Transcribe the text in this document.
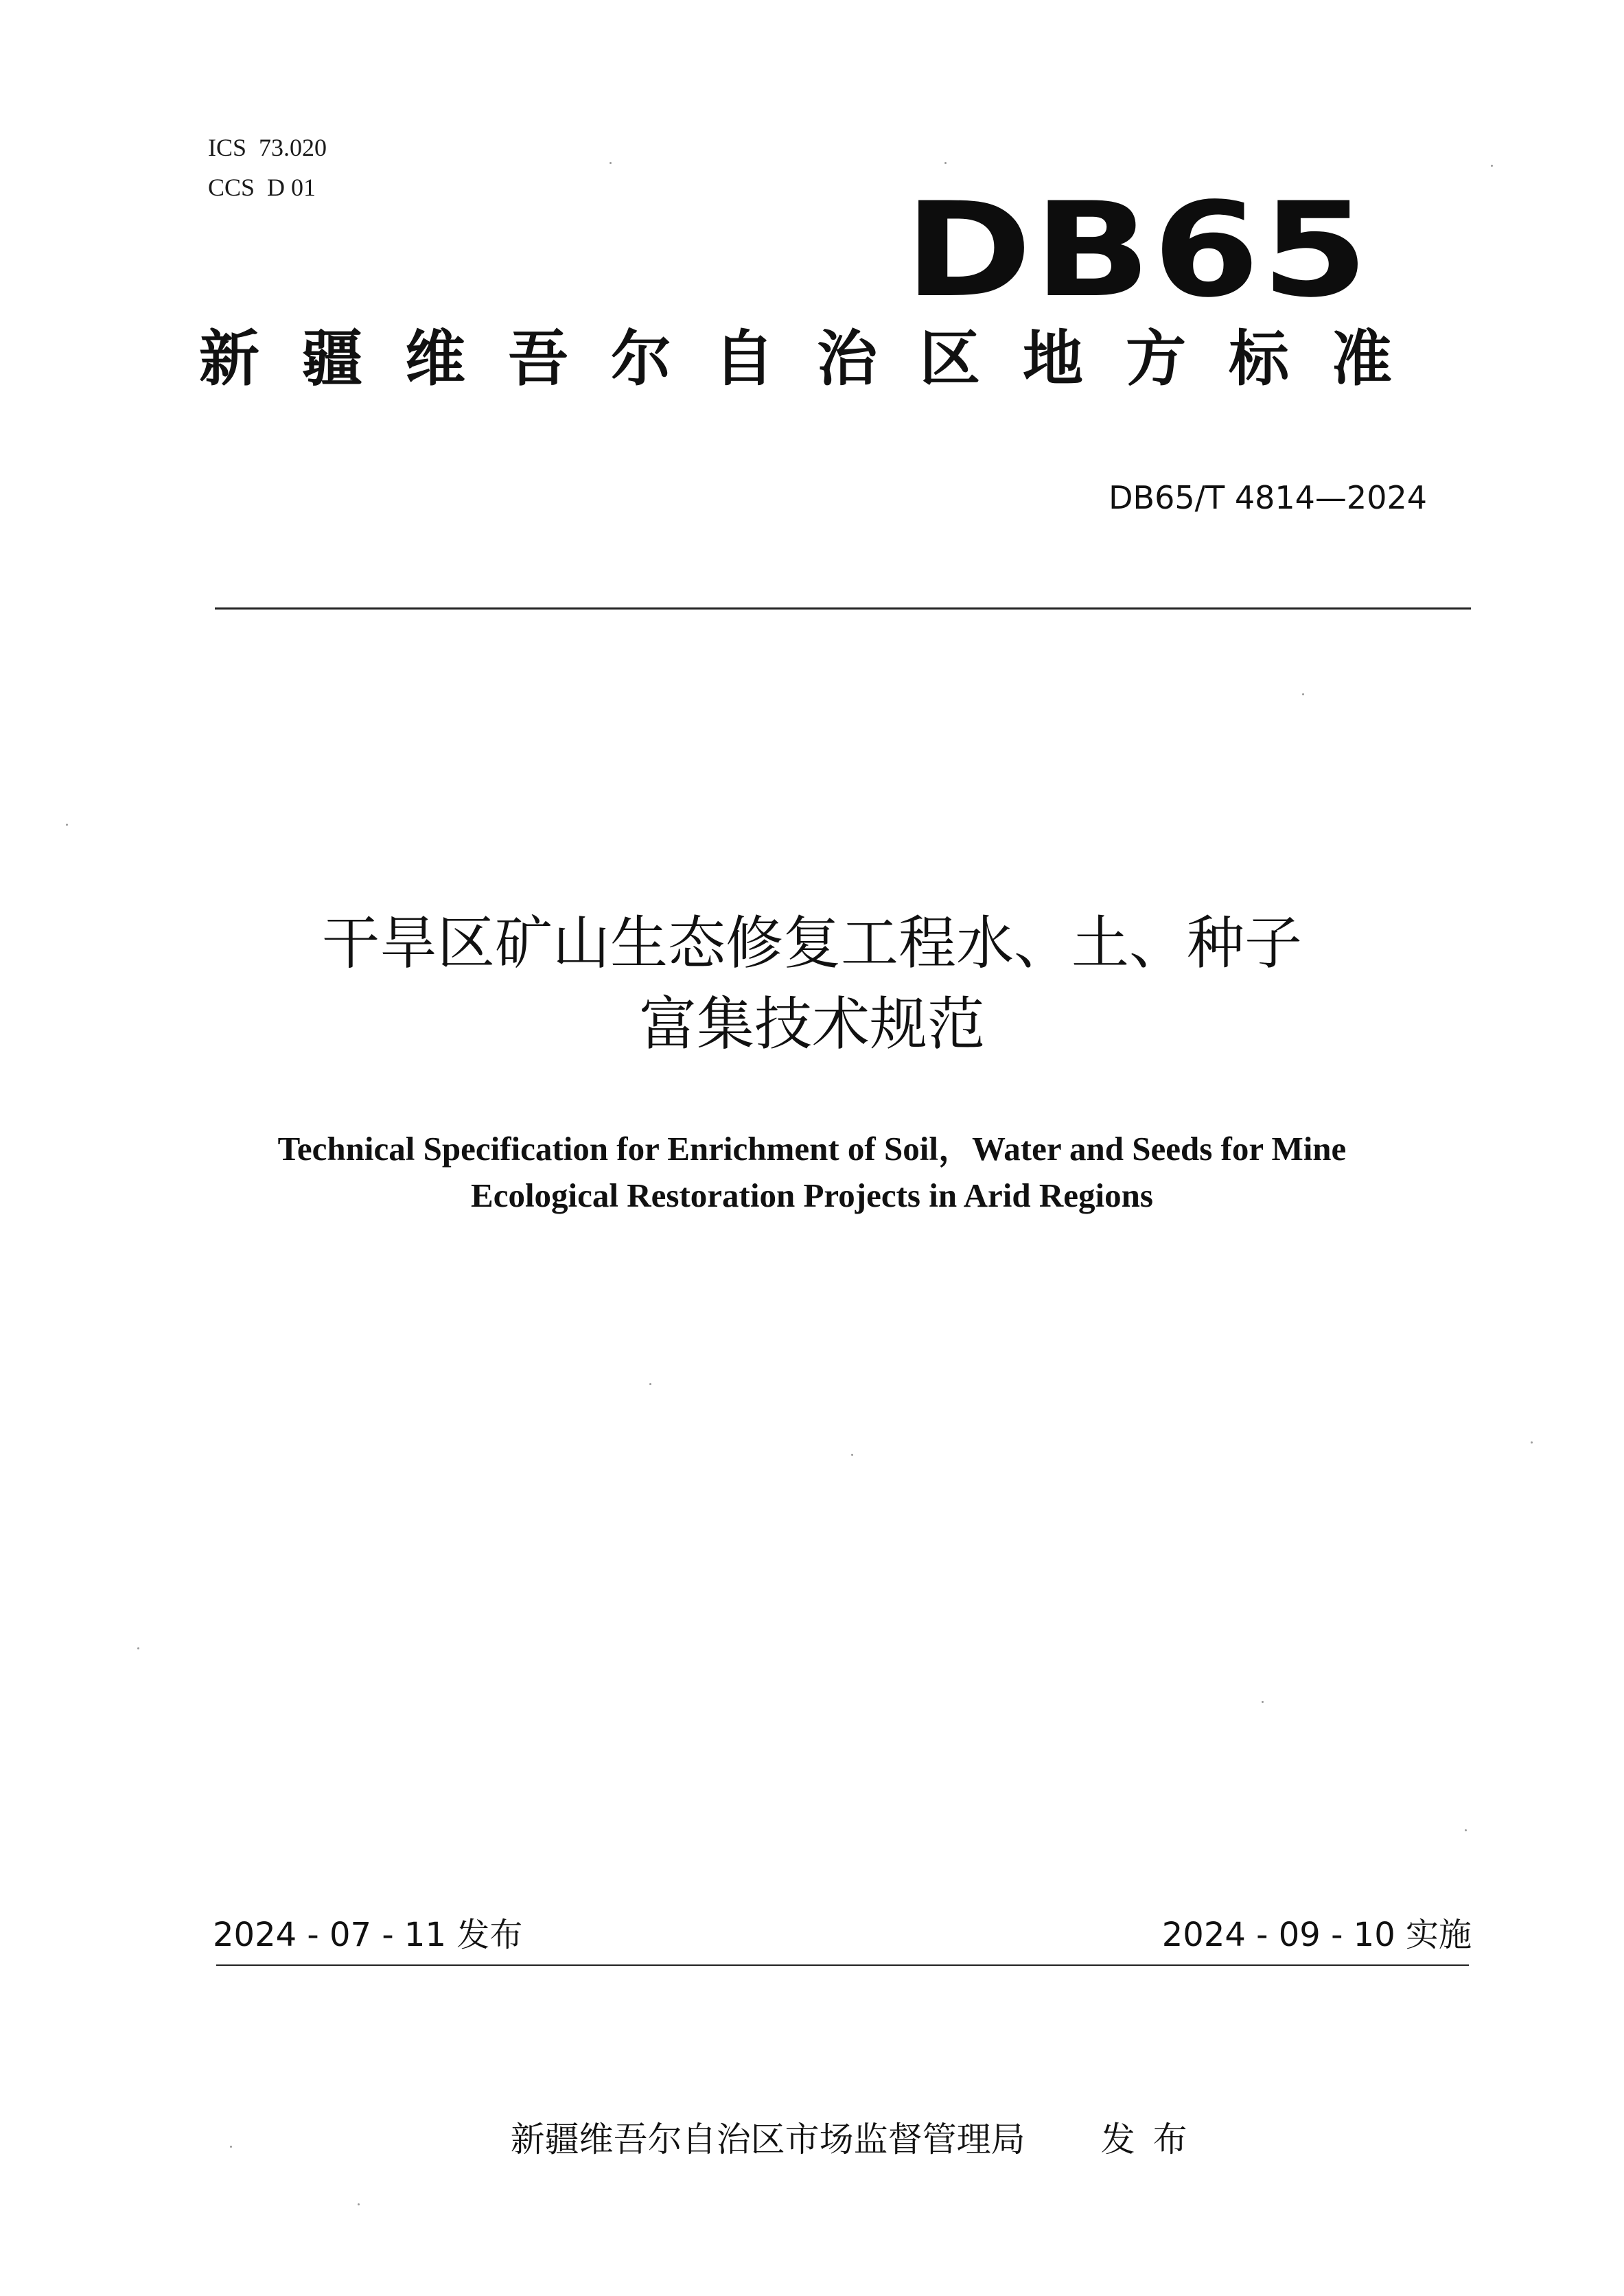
ICS  73.020
CCS  D 01	DB65
新疆维吾尔自治区地方标准
DB65/T 4814—2024
干旱区矿山生态修复工程水、土、种子
富集技术规范
Technical Specification for Enrichment of Soil，Water and Seeds for Mine
Ecological Restoration Projects in Arid Regions
2024 - 07 - 11 发布	2024 - 09 - 10 实施

新疆维吾尔自治区市场监督管理局 发布
